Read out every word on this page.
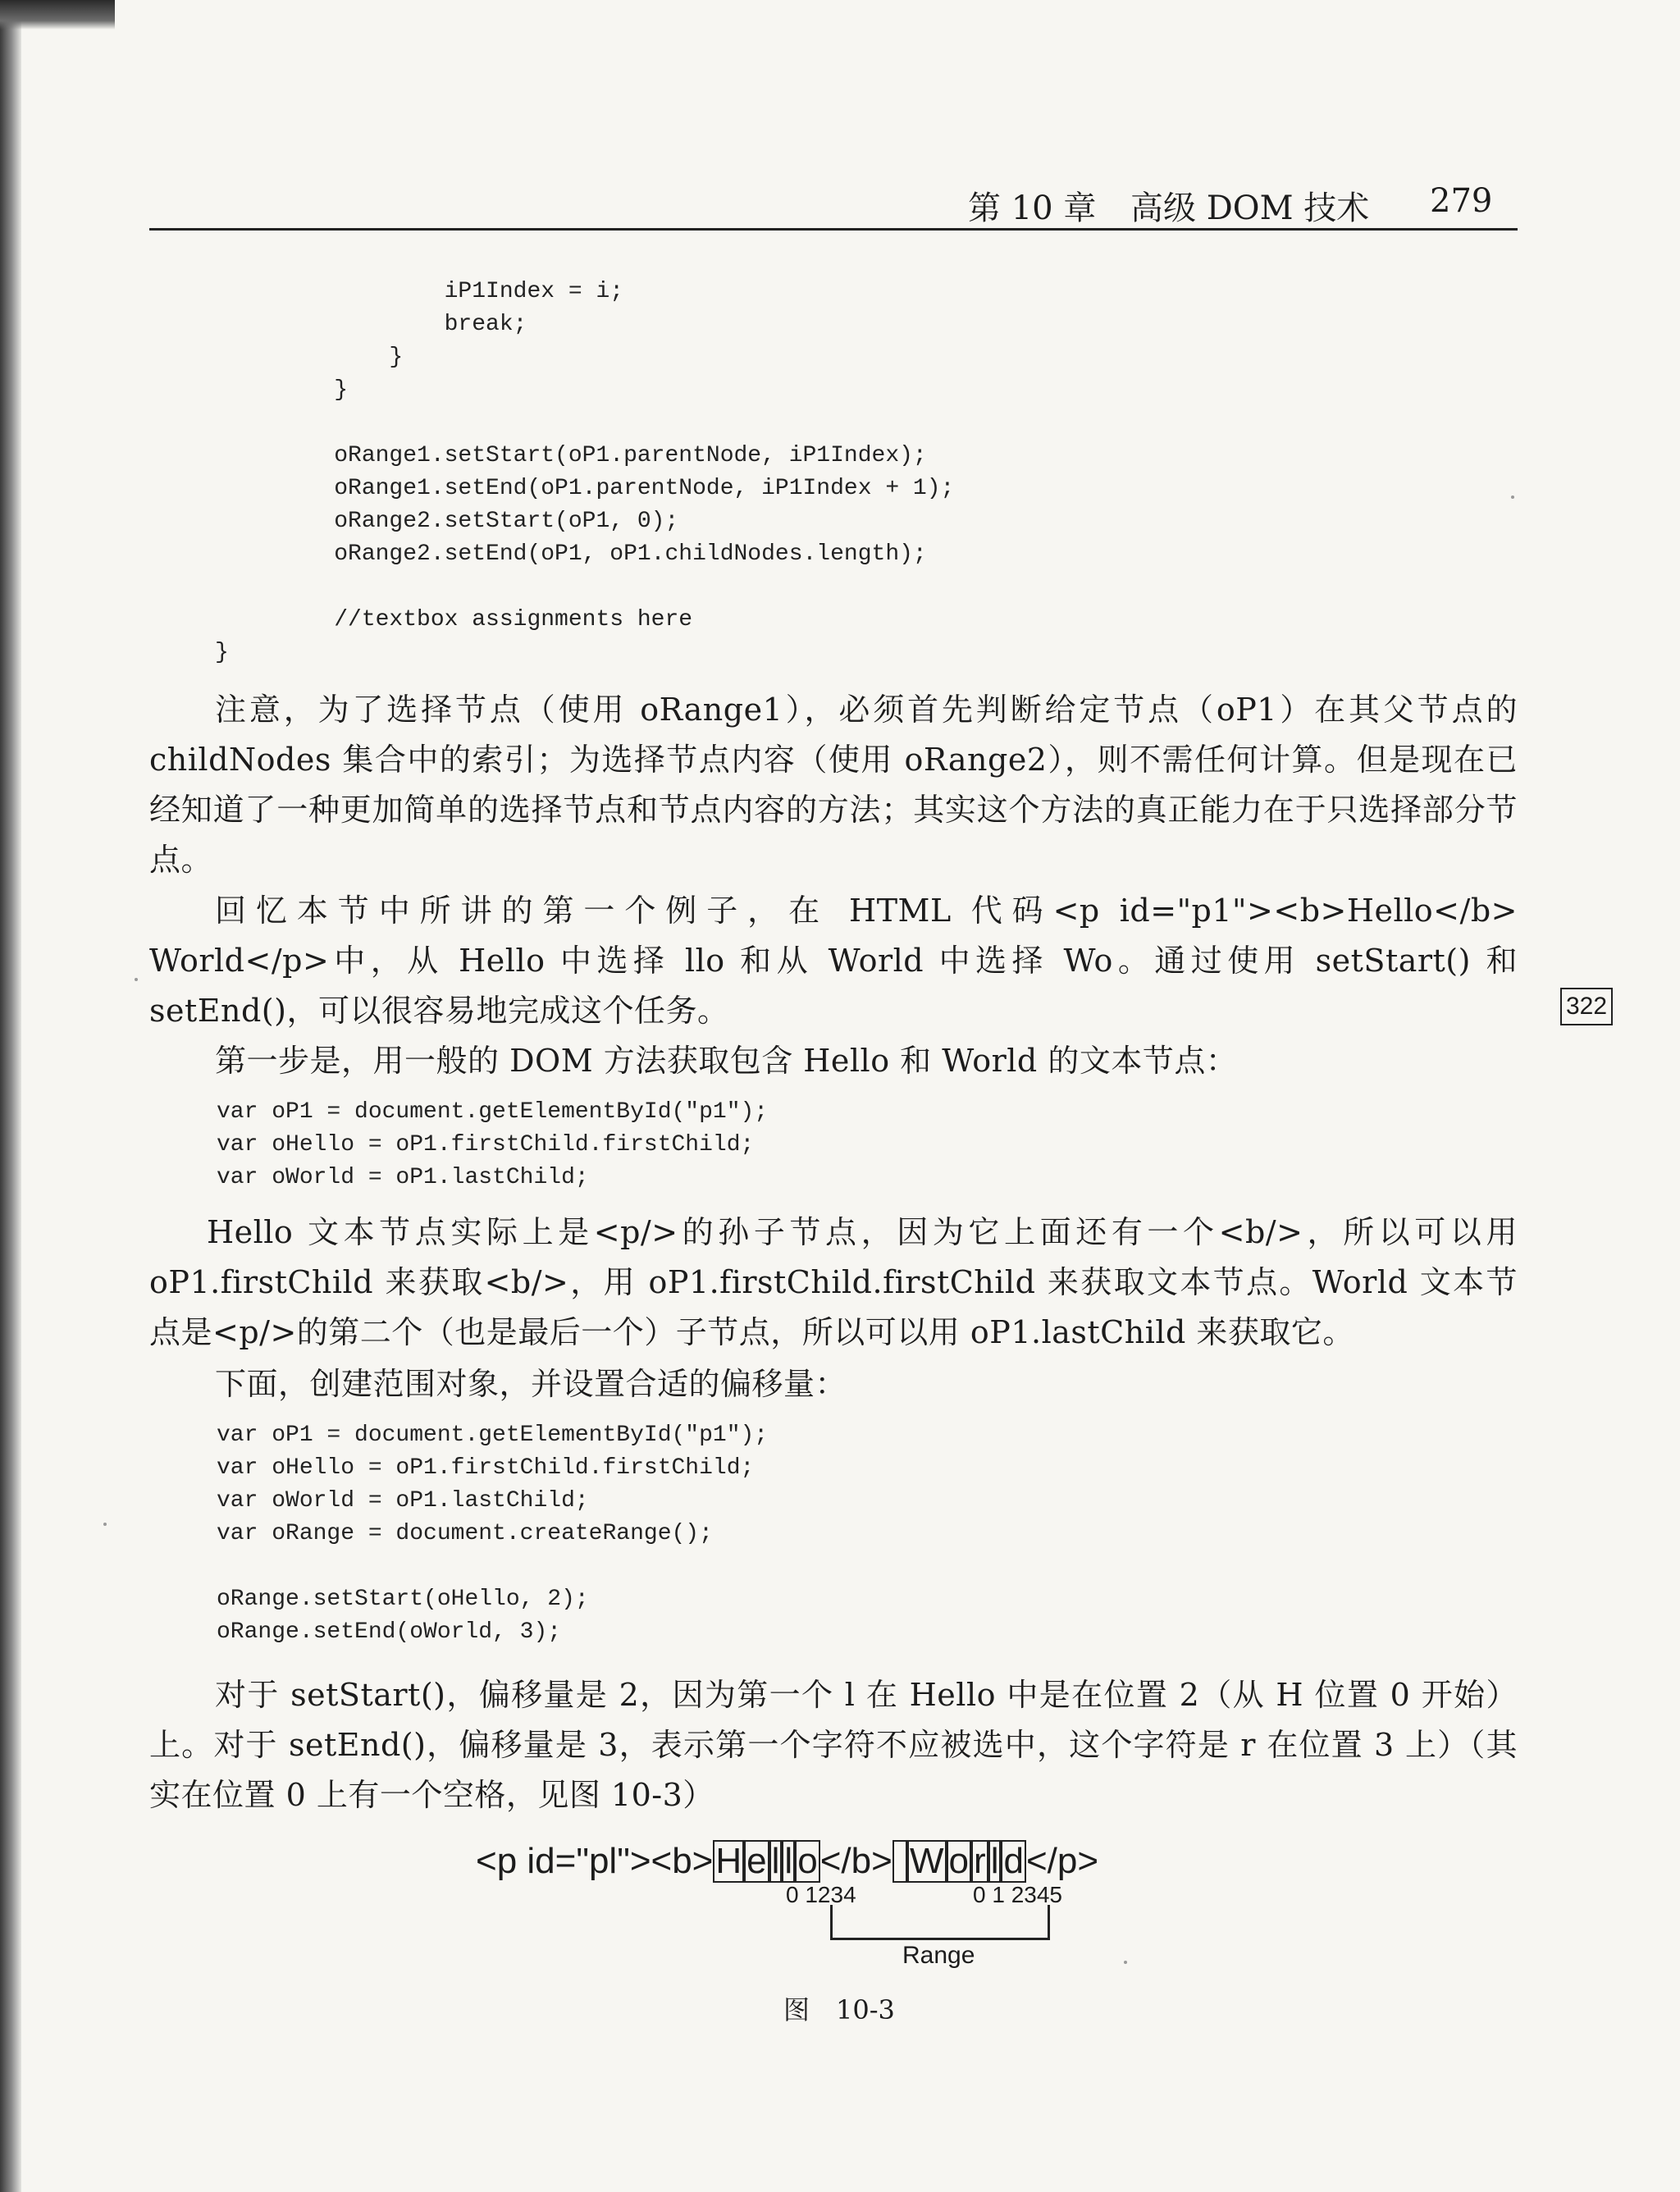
第 10 章 高级 DOM 技术 279
iP1Index = i;
break;
}
}
oRange1.setStart(oP1.parentNode, iP1Index);
oRange1.setEnd(oP1.parentNode, iP1Index + 1);
oRange2.setStart(oP1, 0);
oRange2.setEnd(oP1, oP1.childNodes.length);
//textbox assignments here
}

注意，为了选择节点（使用 oRange1），必须首先判断给定节点（oP1）在其父节点的 childNodes 集合中的索引；为选择节点内容（使用 oRange2），则不需任何计算。但是现在已经知道了一种更加简单的选择节点和节点内容的方法；其实这个方法的真正能力在于只选择部分节点。

回忆本节中所讲的第一个例子，在 HTML 代码<p id="p1"><b>Hello</b> World</p>中，从 Hello 中选择 llo 和从 World 中选择 Wo。通过使用 setStart() 和 setEnd()，可以很容易地完成这个任务。	322

第一步是，用一般的 DOM 方法获取包含 Hello 和 World 的文本节点：

var oP1 = document.getElementById("p1");
var oHello = oP1.firstChild.firstChild;
var oWorld = oP1.lastChild;

Hello 文本节点实际上是<p/>的孙子节点，因为它上面还有一个<b/>，所以可以用 oP1.firstChild 来获取<b/>，用 oP1.firstChild.firstChild 来获取文本节点。World 文本节点是<p/>的第二个（也是最后一个）子节点，所以可以用 oP1.lastChild 来获取它。

下面，创建范围对象，并设置合适的偏移量：

var oP1 = document.getElementById("p1");
var oHello = oP1.firstChild.firstChild;
var oWorld = oP1.lastChild;
var oRange = document.createRange();
oRange.setStart(oHello, 2);
oRange.setEnd(oWorld, 3);

对于 setStart()，偏移量是 2，因为第一个 l 在 Hello 中是在位置 2（从 H 位置 0 开始）上。对于 setEnd()，偏移量是 3，表示第一个字符不应被选中，这个字符是 r 在位置 3 上）（其实在位置 0 上有一个空格，见图 10-3）

<p id="pl"><b>H e l l o</b> W o r l d</p>
0 1234	0 1 2345
Range
图　10-3
